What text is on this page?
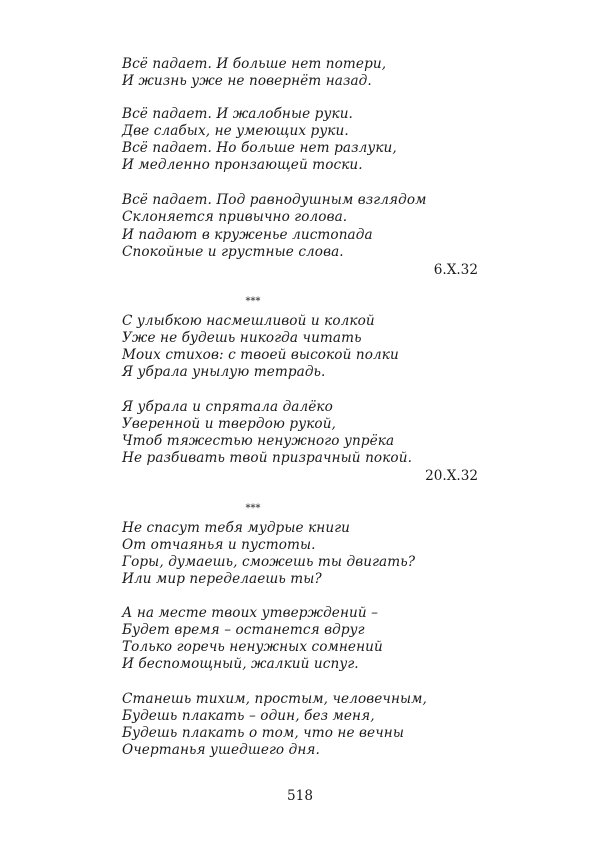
Всё падает. И больше нет потери,
И жизнь уже не повернёт назад.
Всё падает. И жалобные руки.
Две слабых, не умеющих руки.
Всё падает. Но больше нет разлуки,
И медленно пронзающей тоски.
Всё падает. Под равнодушным взглядом
Склоняется привычно голова.
И падают в круженье листопада
Спокойные и грустные слова.
6.X.32
***
С улыбкою насмешливой и колкой
Уже не будешь никогда читать
Моих стихов: с твоей высокой полки
Я убрала унылую тетрадь.
Я убрала и спрятала далёко
Уверенной и твердою рукой,
Чтоб тяжестью ненужного упрёка
Не разбивать твой призрачный покой.
20.X.32
***
Не спасут тебя мудрые книги
От отчаянья и пустоты.
Горы, думаешь, сможешь ты двигать?
Или мир переделаешь ты?
А на месте твоих утверждений –
Будет время – останется вдруг
Только горечь ненужных сомнений
И беспомощный, жалкий испуг.
Станешь тихим, простым, человечным,
Будешь плакать – один, без меня,
Будешь плакать о том, что не вечны
Очертанья ушедшего дня.
518
